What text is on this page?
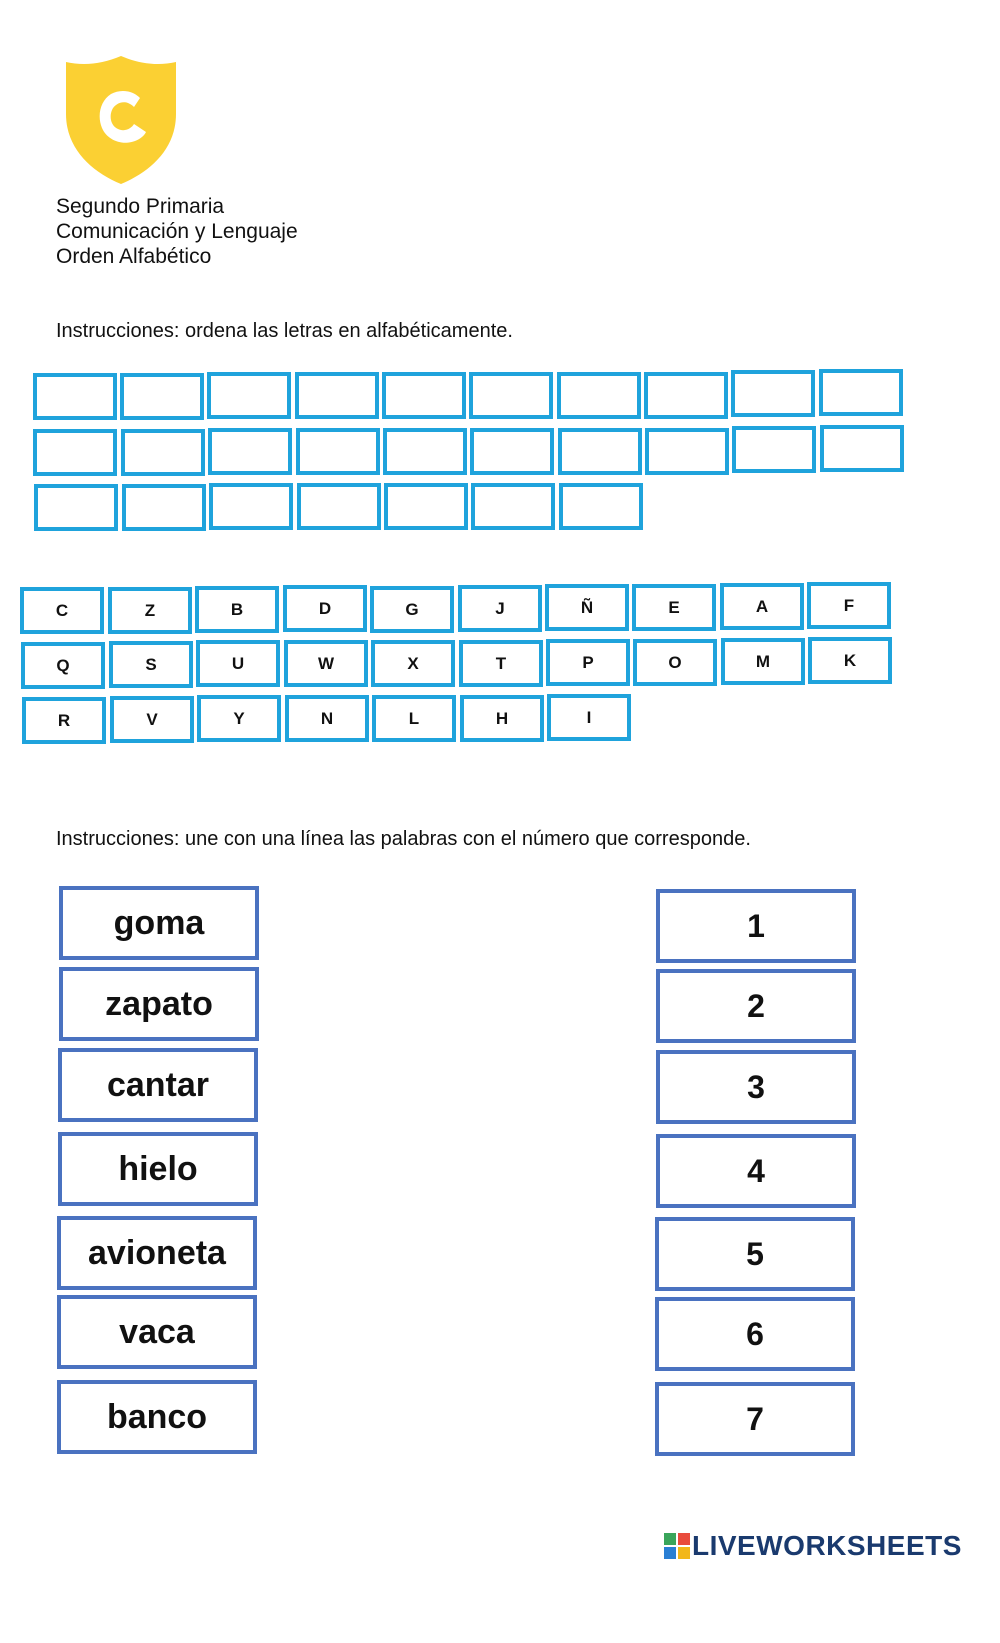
Segundo Primaria
Comunicación y Lenguaje
Orden Alfabético
Instrucciones: ordena las letras en alfabéticamente.
C	Z	B	D	G	J	Ñ	E	A	F
Q	S	U	W	X	T	P	O	M	K
R	V	Y	N	L	H	I
Instrucciones: une con una línea las palabras con el número que corresponde.
goma
zapato
cantar
hielo
avioneta
vaca
banco
1
2
3
4
5
6
7
LIVEWORKSHEETS
